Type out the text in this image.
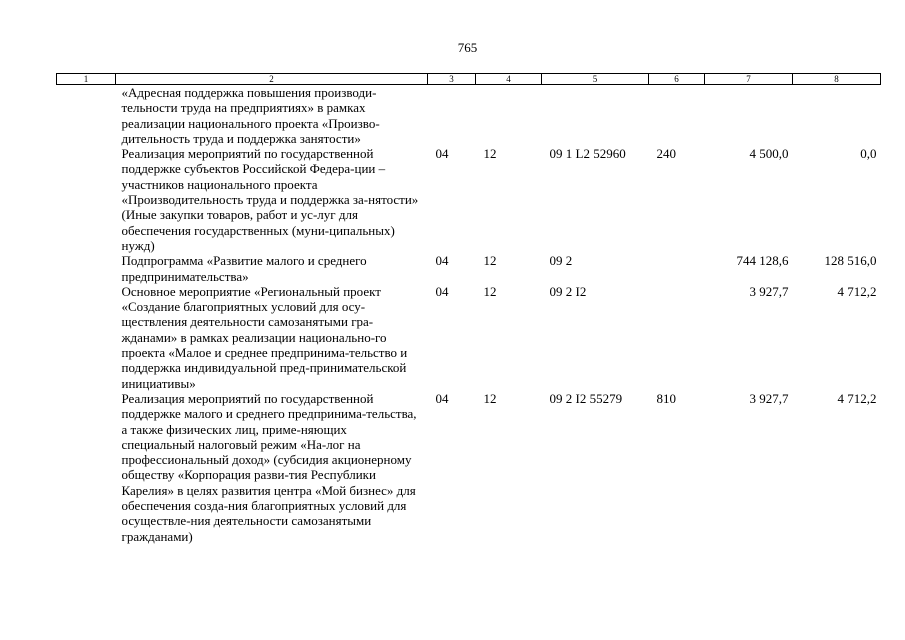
765
1	2	3	4	5	6	7	8
	«Адресная поддержка повышения производи-тельности труда на предприятиях» в рамках реализации национального проекта «Произво-дительность труда и поддержка занятости»						
	Реализация мероприятий по государственной поддержке субъектов Российской Федера-ции – участников национального проекта «Производительность труда и поддержка за-нятости» (Иные закупки товаров, работ и ус-луг для обеспечения государственных (муни-ципальных) нужд)	04	12	09 1 L2 52960	240	4 500,0	0,0
	Подпрограмма «Развитие малого и среднего предпринимательства»	04	12	09 2		744 128,6	128 516,0
	Основное мероприятие «Региональный проект «Создание благоприятных условий для осу-ществления деятельности самозанятыми гра-жданами» в рамках реализации национально-го проекта «Малое и среднее предпринима-тельство и поддержка индивидуальной пред-принимательской инициативы»	04	12	09 2 I2		3 927,7	4 712,2
	Реализация мероприятий по государственной поддержке малого и среднего предпринима-тельства, а также физических лиц, приме-няющих специальный налоговый режим «На-лог на профессиональный доход» (субсидия акционерному обществу «Корпорация разви-тия Республики Карелия» в целях развития центра «Мой бизнес» для обеспечения созда-ния благоприятных условий для осуществле-ния деятельности самозанятыми гражданами)	04	12	09 2 I2 55279	810	3 927,7	4 712,2
